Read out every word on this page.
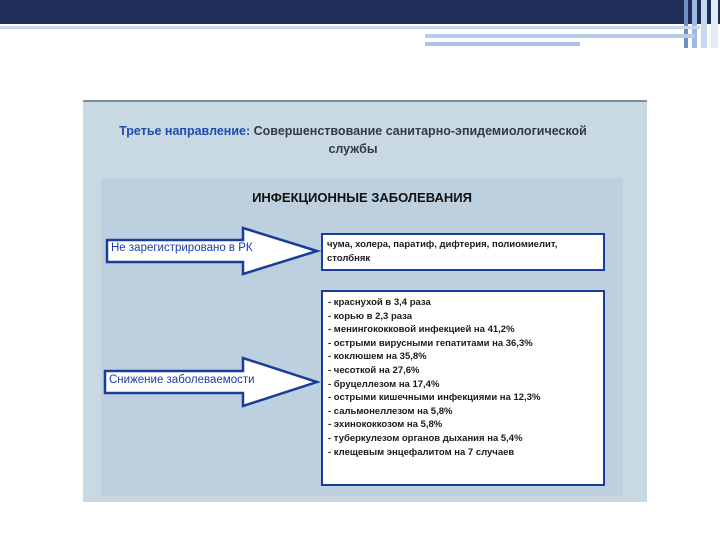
Третье направление: Совершенствование санитарно-эпидемиологической службы
ИНФЕКЦИОННЫЕ ЗАБОЛЕВАНИЯ
Не зарегистрировано в РК	чума, холера, паратиф, дифтерия, полиомиелит, столбняк
Снижение заболеваемости
- краснухой в 3,4 раза
- корью в 2,3 раза
- менингококковой инфекцией на 41,2%
- острыми вирусными гепатитами на 36,3%
- коклюшем на 35,8%
- чесоткой на 27,6%
- бруцеллезом на 17,4%
- острыми кишечными инфекциями на 12,3%
- сальмонеллезом на 5,8%
- эхинококкозом на 5,8%
- туберкулезом органов дыхания на 5,4%
- клещевым энцефалитом на 7 случаев
